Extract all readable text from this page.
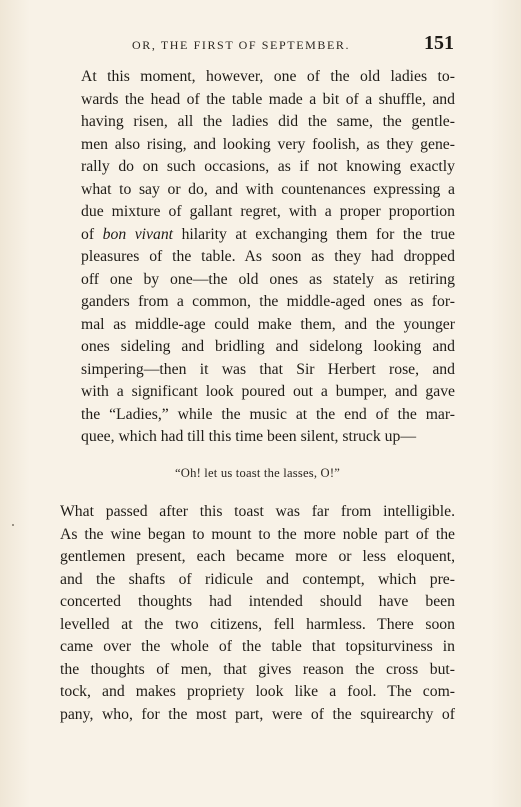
OR, THE FIRST OF SEPTEMBER.	151

At this moment, however, one of the old ladies to-
wards the head of the table made a bit of a shuffle, and
having risen, all the ladies did the same, the gentle-
men also rising, and looking very foolish, as they gene-
rally do on such occasions, as if not knowing exactly
what to say or do, and with countenances expressing a
due mixture of gallant regret, with a proper proportion
of bon vivant hilarity at exchanging them for the true
pleasures of the table. As soon as they had dropped
off one by one—the old ones as stately as retiring
ganders from a common, the middle-aged ones as for-
mal as middle-age could make them, and the younger
ones sideling and bridling and sidelong looking and
simpering—then it was that Sir Herbert rose, and
with a significant look poured out a bumper, and gave
the “Ladies,” while the music at the end of the mar-
quee, which had till this time been silent, struck up—

“Oh! let us toast the lasses, O!”

What passed after this toast was far from intelligible.
As the wine began to mount to the more noble part of the
gentlemen present, each became more or less eloquent,
and the shafts of ridicule and contempt, which pre-
concerted thoughts had intended should have been
levelled at the two citizens, fell harmless. There soon
came over the whole of the table that topsiturviness in
the thoughts of men, that gives reason the cross but-
tock, and makes propriety look like a fool. The com-
pany, who, for the most part, were of the squirearchy of
